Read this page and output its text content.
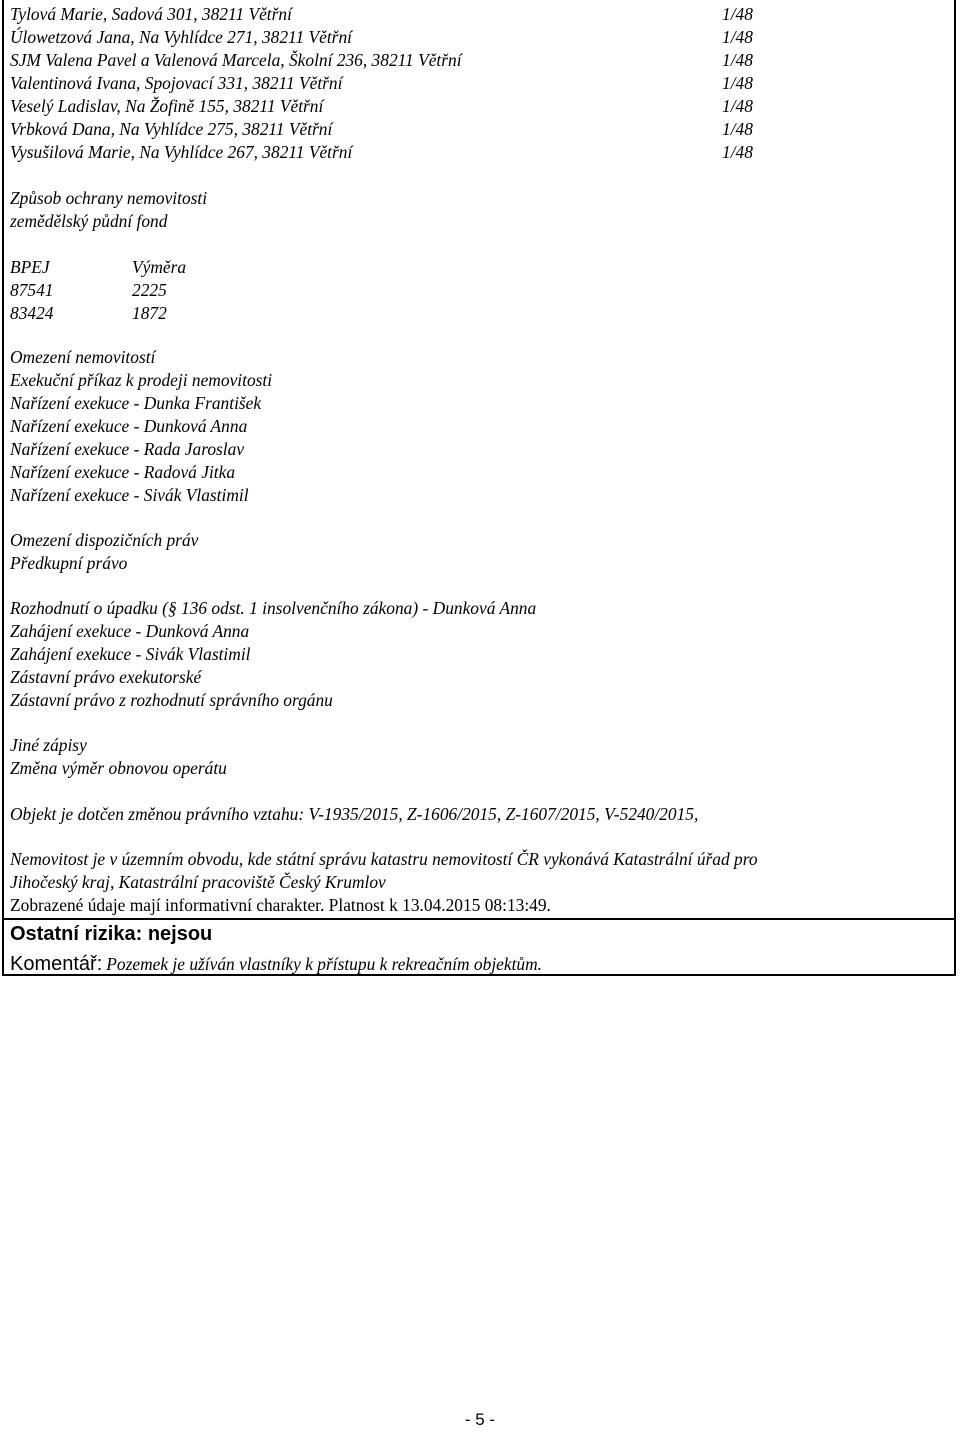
Tylová Marie, Sadová 301, 38211 Větřní	1/48
Úlowetzová Jana, Na Vyhlídce 271, 38211 Větřní	1/48
SJM Valena Pavel a Valenová Marcela, Školní 236, 38211 Větřní	1/48
Valentinová Ivana, Spojovací 331, 38211 Větřní	1/48
Veselý Ladislav, Na Žofině 155, 38211 Větřní	1/48
Vrbková Dana, Na Vyhlídce 275, 38211 Větřní	1/48
Vysušilová Marie, Na Vyhlídce 267, 38211 Větřní	1/48
Způsob ochrany nemovitosti
zemědělský půdní fond
BPEJ	Výměra
87541	2225
83424	1872
Omezení nemovitostí
Exekuční příkaz k prodeji nemovitosti
Nařízení exekuce - Dunka František
Nařízení exekuce - Dunková Anna
Nařízení exekuce - Rada Jaroslav
Nařízení exekuce - Radová Jitka
Nařízení exekuce - Sivák Vlastimil
Omezení dispozičních práv
Předkupní právo
Rozhodnutí o úpadku (§ 136 odst. 1 insolvenčního zákona) - Dunková Anna
Zahájení exekuce - Dunková Anna
Zahájení exekuce - Sivák Vlastimil
Zástavní právo exekutorské
Zástavní právo z rozhodnutí správního orgánu
Jiné zápisy
Změna výměr obnovou operátu
Objekt je dotčen změnou právního vztahu: V-1935/2015, Z-1606/2015, Z-1607/2015, V-5240/2015,
Nemovitost je v územním obvodu, kde státní správu katastru nemovitostí ČR vykonává Katastrální úřad pro
Jihočeský kraj, Katastrální pracoviště Český Krumlov
Zobrazené údaje mají informativní charakter. Platnost k 13.04.2015 08:13:49.
Ostatní rizika: nejsou
Komentář: Pozemek je užíván vlastníky k přístupu k rekreačním objektům.
- 5 -
